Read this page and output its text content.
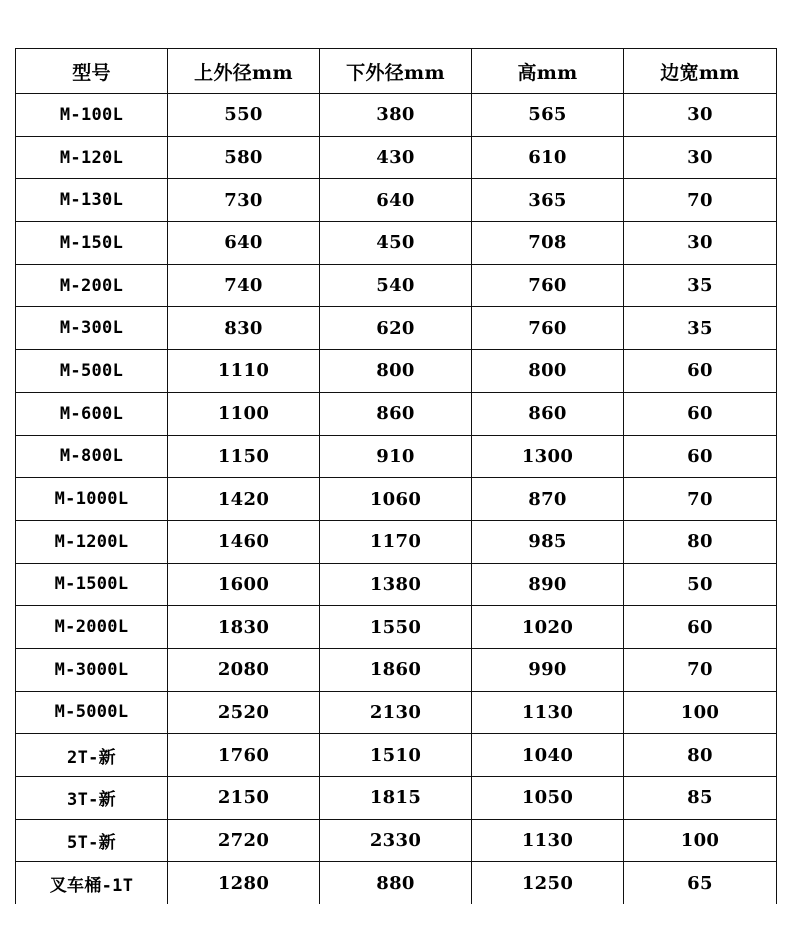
型号	上外径mm	下外径mm	高mm	边宽mm
M-100L	550	380	565	30
M-120L	580	430	610	30
M-130L	730	640	365	70
M-150L	640	450	708	30
M-200L	740	540	760	35
M-300L	830	620	760	35
M-500L	1110	800	800	60
M-600L	1100	860	860	60
M-800L	1150	910	1300	60
M-1000L	1420	1060	870	70
M-1200L	1460	1170	985	80
M-1500L	1600	1380	890	50
M-2000L	1830	1550	1020	60
M-3000L	2080	1860	990	70
M-5000L	2520	2130	1130	100
2T-新	1760	1510	1040	80
3T-新	2150	1815	1050	85
5T-新	2720	2330	1130	100
叉车桶-1T	1280	880	1250	65
